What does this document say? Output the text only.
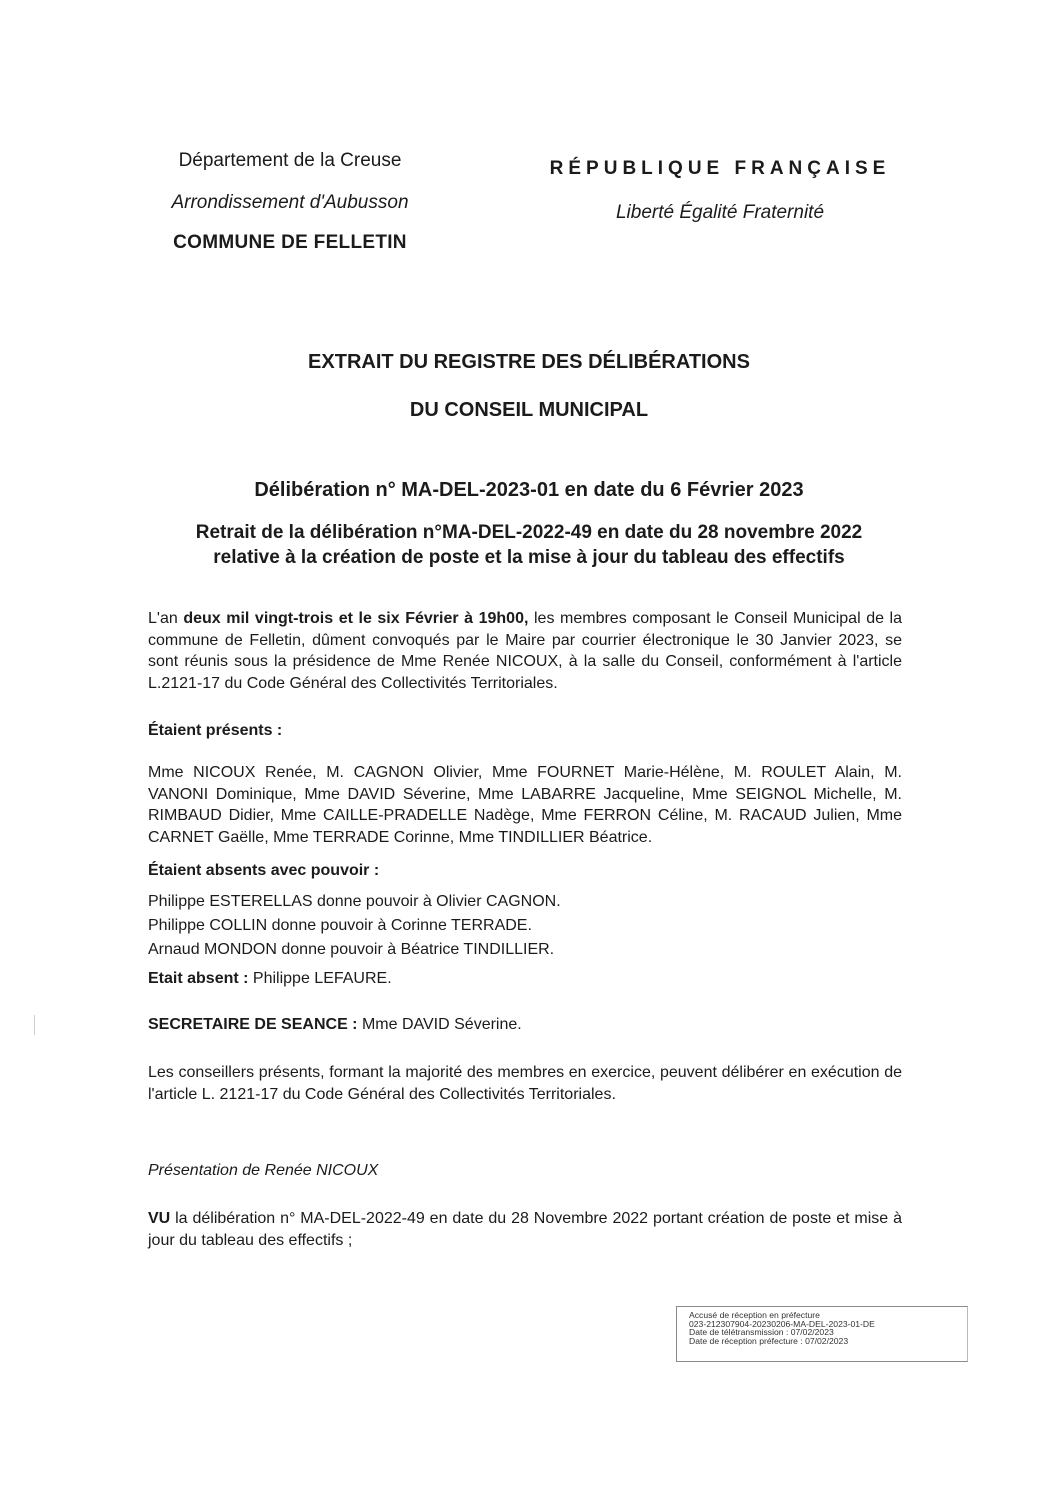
Département de la Creuse
Arrondissement d'Aubusson
COMMUNE DE FELLETIN
RÉPUBLIQUE FRANÇAISE
Liberté Égalité Fraternité
EXTRAIT DU REGISTRE DES DÉLIBÉRATIONS
DU CONSEIL MUNICIPAL
Délibération n° MA-DEL-2023-01 en date du 6 Février 2023
Retrait de la délibération n°MA-DEL-2022-49 en date du 28 novembre 2022
relative à la création de poste et la mise à jour du tableau des effectifs
L'an deux mil vingt-trois et le six Février à 19h00, les membres composant le Conseil Municipal de la commune de Felletin, dûment convoqués par le Maire par courrier électronique le 30 Janvier 2023, se sont réunis sous la présidence de Mme Renée NICOUX, à la salle du Conseil, conformément à l'article L.2121-17 du Code Général des Collectivités Territoriales.
Étaient présents :
Mme NICOUX Renée, M. CAGNON Olivier, Mme FOURNET Marie-Hélène, M. ROULET Alain, M. VANONI Dominique, Mme DAVID Séverine, Mme LABARRE Jacqueline, Mme SEIGNOL Michelle, M. RIMBAUD Didier, Mme CAILLE-PRADELLE Nadège, Mme FERRON Céline, M. RACAUD Julien, Mme CARNET Gaëlle, Mme TERRADE Corinne, Mme TINDILLIER Béatrice.
Étaient absents avec pouvoir :
Philippe ESTERELLAS donne pouvoir à Olivier CAGNON.
Philippe COLLIN donne pouvoir à Corinne TERRADE.
Arnaud MONDON donne pouvoir à Béatrice TINDILLIER.
Etait absent : Philippe LEFAURE.
SECRETAIRE DE SEANCE : Mme DAVID Séverine.
Les conseillers présents, formant la majorité des membres en exercice, peuvent délibérer en exécution de l'article L. 2121-17 du Code Général des Collectivités Territoriales.
Présentation de Renée NICOUX
VU la délibération n° MA-DEL-2022-49 en date du 28 Novembre 2022 portant création de poste et mise à jour du tableau des effectifs ;
Accusé de réception en préfecture
023-212307904-20230206-MA-DEL-2023-01-DE
Date de télétransmission : 07/02/2023
Date de réception préfecture : 07/02/2023
